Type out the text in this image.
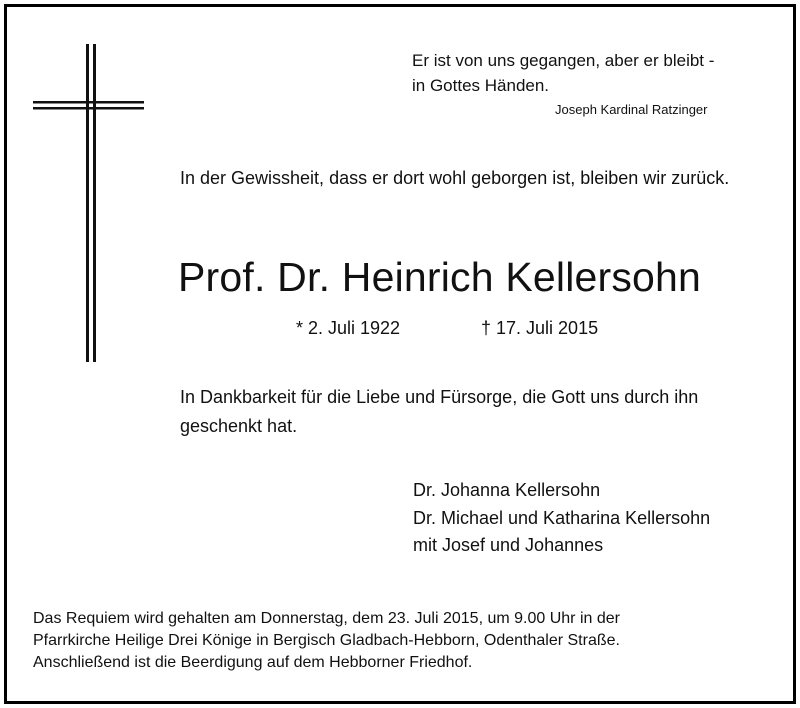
Er ist von uns gegangen, aber er bleibt -
in Gottes Händen.
Joseph Kardinal Ratzinger
In der Gewissheit, dass er dort wohl geborgen ist, bleiben wir zurück.
Prof. Dr. Heinrich Kellersohn
* 2. Juli 1922	† 17. Juli 2015
In Dankbarkeit für die Liebe und Fürsorge, die Gott uns durch ihn geschenkt hat.
Dr. Johanna Kellersohn
Dr. Michael und Katharina Kellersohn
mit Josef und Johannes
Das Requiem wird gehalten am Donnerstag, dem 23. Juli 2015, um 9.00 Uhr in der
Pfarrkirche Heilige Drei Könige in Bergisch Gladbach-Hebborn, Odenthaler Straße.
Anschließend ist die Beerdigung auf dem Hebborner Friedhof.
